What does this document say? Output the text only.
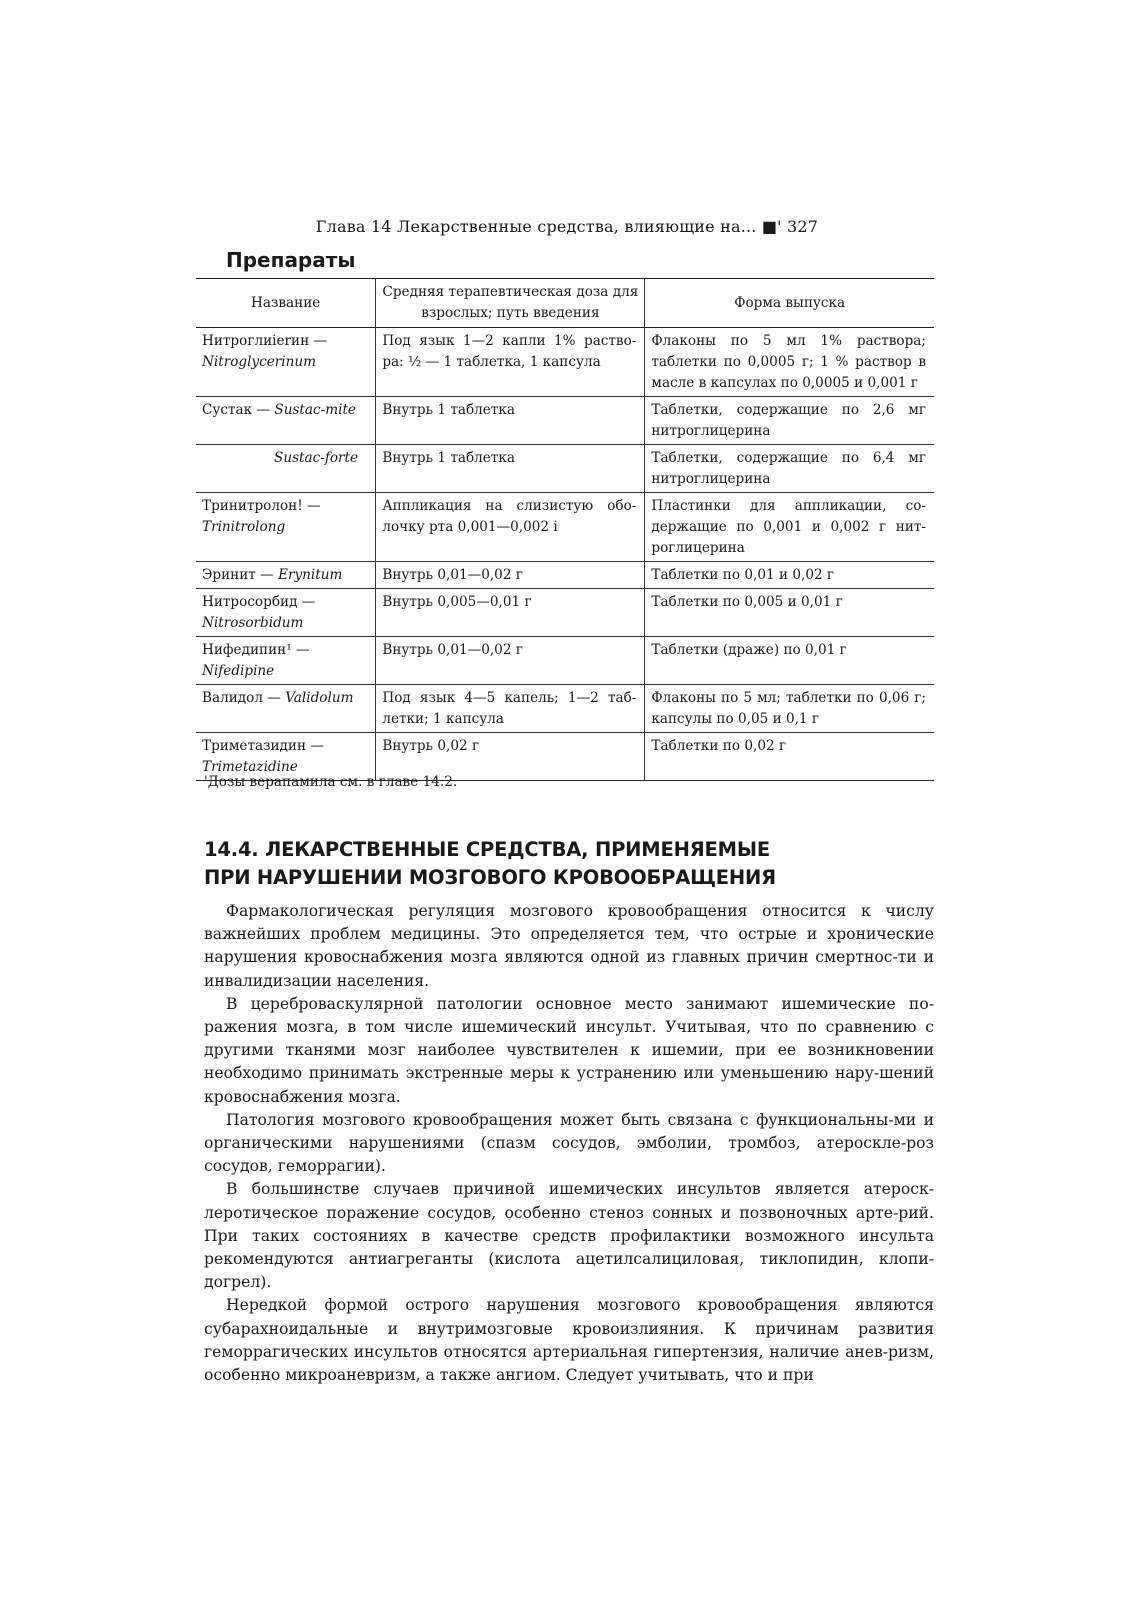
Глава 14 Лекарственные средства, влияющие на... ■' 327
Препараты
Название	Средняя терапевтическая доза для взрослых; путь введения	Форма выпуска

Нитроглиierин —
Nitroglycerinum	Под язык 1—2 капли 1% раство-ра: ½ — 1 таблетка, 1 капсула	Флаконы по 5 мл 1% раствора; таблетки по 0,0005 г; 1 % раствор в масле в капсулах по 0,0005 и 0,001 г
Сустак — Sustac-mite	Внутрь 1 таблетка	Таблетки, содержащие по 2,6 мг нитроглицерина

Sustac-forte	Внутрь 1 таблетка	Таблетки, содержащие по 6,4 мг нитроглицерина

Тринитролон! —
Trinitrolong	Аппликация на слизистую обо-лочку рта 0,001—0,002 i	Пластинки для аппликации, со-держащие по 0,001 и 0,002 г нит-роглицерина
Эринит — Erynitum	Внутрь 0,01—0,02 г	Таблетки по 0,01 и 0,02 г

Нитросорбид —
Nitrosorbidum	Внутрь 0,005—0,01 г	Таблетки по 0,005 и 0,01 г

Нифедипин¹ —
Nifedipine	Внутрь 0,01—0,02 г	Таблетки (драже) по 0,01 г
Валидол — Validolum	Под язык 4—5 капель; 1—2 таб-летки; 1 капсула	Флаконы по 5 мл; таблетки по 0,06 г; капсулы по 0,05 и 0,1 г

Триметазидин —
Trimetazidine	Внутрь 0,02 г	Таблетки по 0,02 г
'Дозы верапамила см. в главе 14.2.
14.4. ЛЕКАРСТВЕННЫЕ СРЕДСТВА, ПРИМЕНЯЕМЫЕ
ПРИ НАРУШЕНИИ МОЗГОВОГО КРОВООБРАЩЕНИЯ

Фармакологическая регуляция мозгового кровообращения относится к числу важнейших проблем медицины. Это определяется тем, что острые и хронические нарушения кровоснабжения мозга являются одной из главных причин смертнос-ти и инвалидизации населения.

В цереброваскулярной патологии основное место занимают ишемические по-ражения мозга, в том числе ишемический инсульт. Учитывая, что по сравнению с другими тканями мозг наиболее чувствителен к ишемии, при ее возникновении необходимо принимать экстренные меры к устранению или уменьшению нару-шений кровоснабжения мозга.

Патология мозгового кровообращения может быть связана с функциональны-ми и органическими нарушениями (спазм сосудов, эмболии, тромбоз, атероскле-роз сосудов, геморрагии).

В большинстве случаев причиной ишемических инсультов является атероск-леротическое поражение сосудов, особенно стеноз сонных и позвоночных арте-рий. При таких состояниях в качестве средств профилактики возможного инсульта рекомендуются антиагреганты (кислота ацетилсалициловая, тиклопидин, клопи-догрел).

Нередкой формой острого нарушения мозгового кровообращения являются субарахноидальные и внутримозговые кровоизлияния. К причинам развития геморрагических инсультов относятся артериальная гипертензия, наличие анев-ризм, особенно микроаневризм, а также ангиом. Следует учитывать, что и при
